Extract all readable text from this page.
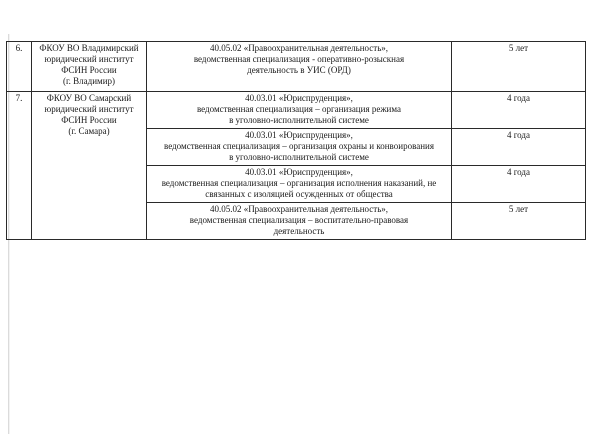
6.	ФКОУ ВО Владимирский
юридический институт
ФСИН России
(г. Владимир)	40.05.02 «Правоохранительная деятельность»,
ведомственная специализация - оперативно-розыскная
деятельность в УИС (ОРД)	5 лет
7.	ФКОУ ВО Самарский
юридический институт
ФСИН России
(г. Самара)	40.03.01 «Юриспруденция»,
ведомственная специализация – организация режима
в уголовно-исполнительной системе	4 года

		40.03.01 «Юриспруденция»,
ведомственная специализация – организация охраны и конвоирования
в уголовно-исполнительной системе	4 года

		40.03.01 «Юриспруденция»,
ведомственная специализация – организация исполнения наказаний, не
связанных с изоляцией осужденных от общества	4 года

		40.05.02 «Правоохранительная деятельность»,
ведомственная специализация – воспитательно-правовая
деятельность	5 лет
